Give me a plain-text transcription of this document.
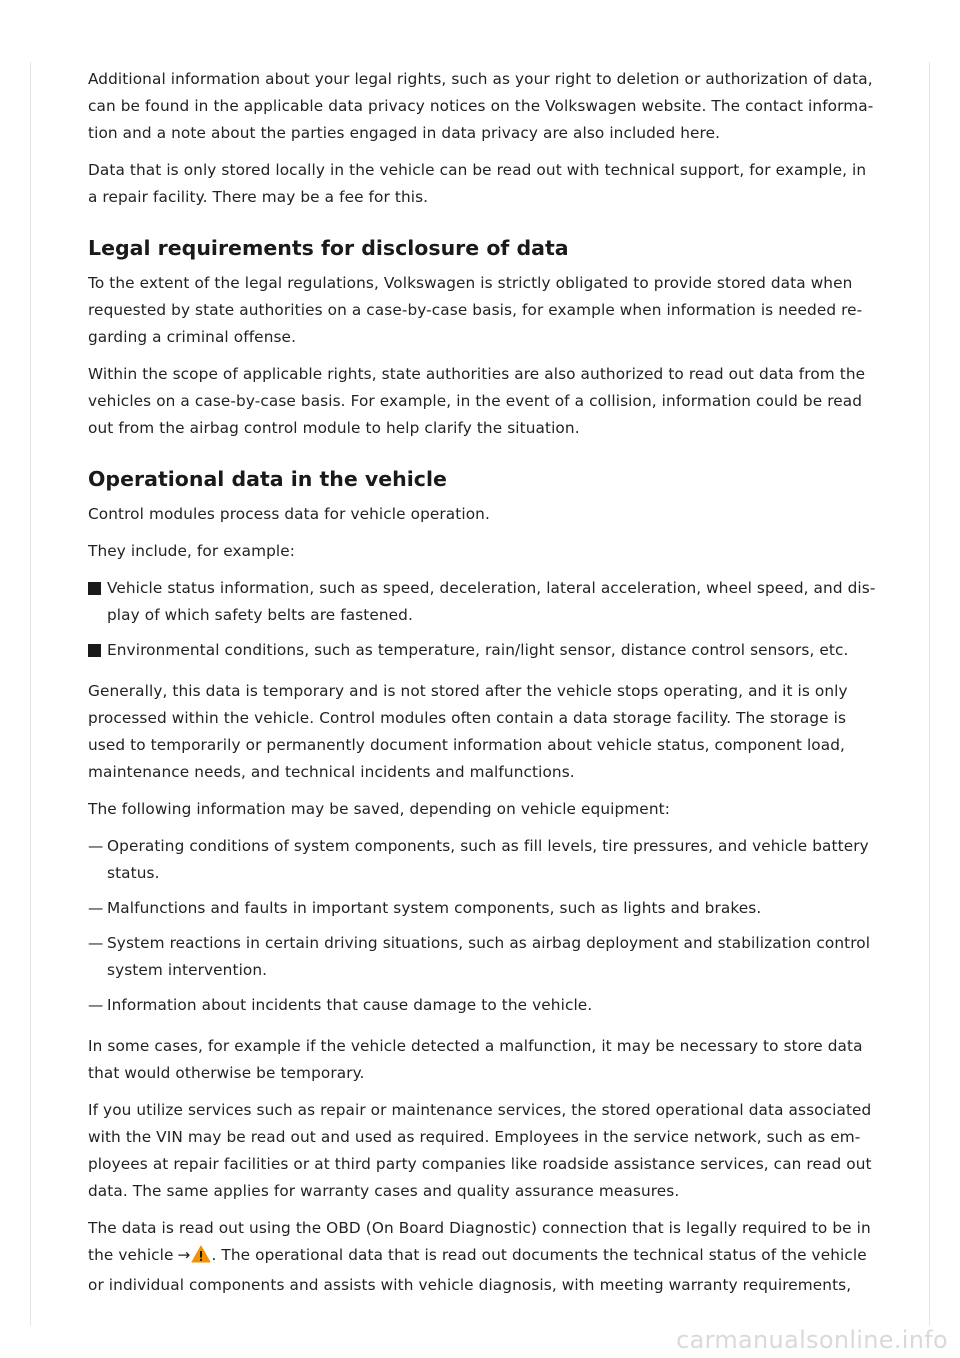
Additional information about your legal rights, such as your right to deletion or authorization of data, can be found in the applicable data privacy notices on the Volkswagen website. The contact informa-tion and a note about the parties engaged in data privacy are also included here.

Data that is only stored locally in the vehicle can be read out with technical support, for example, in a repair facility. There may be a fee for this.

Legal requirements for disclosure of data

To the extent of the legal regulations, Volkswagen is strictly obligated to provide stored data when requested by state authorities on a case-by-case basis, for example when information is needed re-garding a criminal offense.

Within the scope of applicable rights, state authorities are also authorized to read out data from the vehicles on a case-by-case basis. For example, in the event of a collision, information could be read out from the airbag control module to help clarify the situation.

Operational data in the vehicle

Control modules process data for vehicle operation.

They include, for example:

Vehicle status information, such as speed, deceleration, lateral acceleration, wheel speed, and dis-play of which safety belts are fastened.
Environmental conditions, such as temperature, rain/light sensor, distance control sensors, etc.

Generally, this data is temporary and is not stored after the vehicle stops operating, and it is only processed within the vehicle. Control modules often contain a data storage facility. The storage is used to temporarily or permanently document information about vehicle status, component load, maintenance needs, and technical incidents and malfunctions.

The following information may be saved, depending on vehicle equipment:

— Operating conditions of system components, such as fill levels, tire pressures, and vehicle battery status.
— Malfunctions and faults in important system components, such as lights and brakes.
— System reactions in certain driving situations, such as airbag deployment and stabilization control system intervention.
— Information about incidents that cause damage to the vehicle.

In some cases, for example if the vehicle detected a malfunction, it may be necessary to store data that would otherwise be temporary.

If you utilize services such as repair or maintenance services, the stored operational data associated with the VIN may be read out and used as required. Employees in the service network, such as em-ployees at repair facilities or at third party companies like roadside assistance services, can read out data. The same applies for warranty cases and quality assurance measures.

The data is read out using the OBD (On Board Diagnostic) connection that is legally required to be in the vehicle → . The operational data that is read out documents the technical status of the vehicle or individual components and assists with vehicle diagnosis, with meeting warranty requirements,

carmanualsonline.info
